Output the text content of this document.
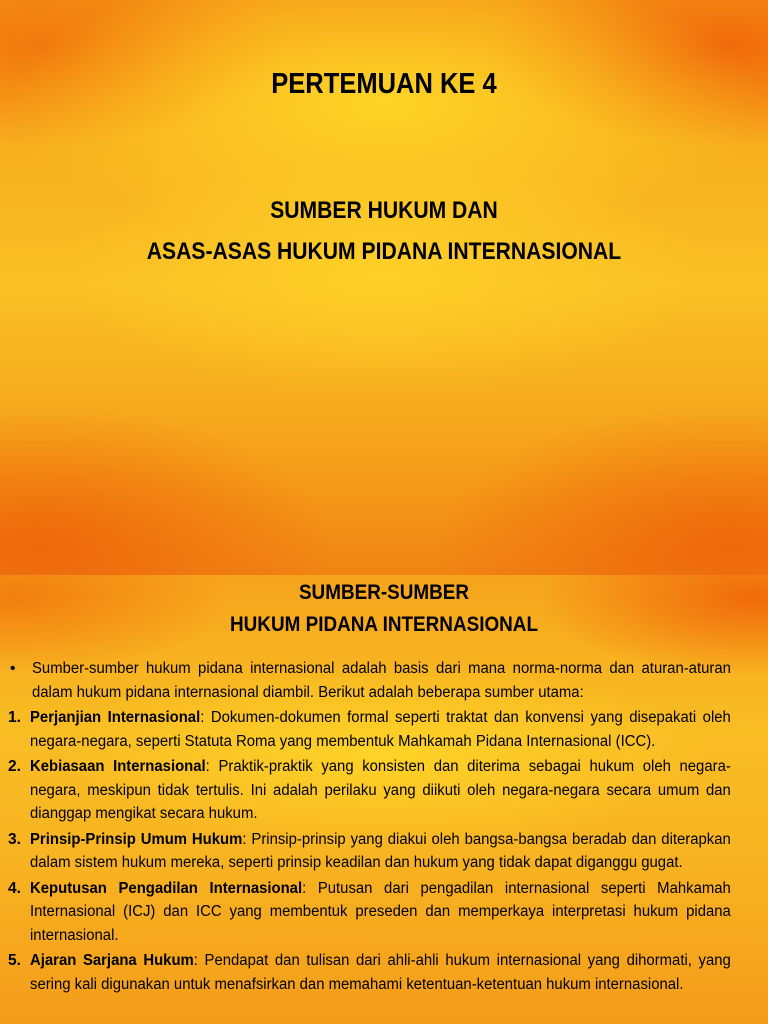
PERTEMUAN KE 4
SUMBER HUKUM DAN
ASAS-ASAS HUKUM PIDANA INTERNASIONAL
SUMBER-SUMBER
HUKUM PIDANA INTERNASIONAL
•	Sumber-sumber hukum pidana internasional adalah basis dari mana norma-norma dan aturan-aturan dalam hukum pidana internasional diambil. Berikut adalah beberapa sumber utama:
1. Perjanjian Internasional: Dokumen-dokumen formal seperti traktat dan konvensi yang disepakati oleh negara-negara, seperti Statuta Roma yang membentuk Mahkamah Pidana Internasional (ICC).
2. Kebiasaan Internasional: Praktik-praktik yang konsisten dan diterima sebagai hukum oleh negara-negara, meskipun tidak tertulis. Ini adalah perilaku yang diikuti oleh negara-negara secara umum dan dianggap mengikat secara hukum.
3. Prinsip-Prinsip Umum Hukum: Prinsip-prinsip yang diakui oleh bangsa-bangsa beradab dan diterapkan dalam sistem hukum mereka, seperti prinsip keadilan dan hukum yang tidak dapat diganggu gugat.
4. Keputusan Pengadilan Internasional: Putusan dari pengadilan internasional seperti Mahkamah Internasional (ICJ) dan ICC yang membentuk preseden dan memperkaya interpretasi hukum pidana internasional.
5. Ajaran Sarjana Hukum: Pendapat dan tulisan dari ahli-ahli hukum internasional yang dihormati, yang sering kali digunakan untuk menafsirkan dan memahami ketentuan-ketentuan hukum internasional.
